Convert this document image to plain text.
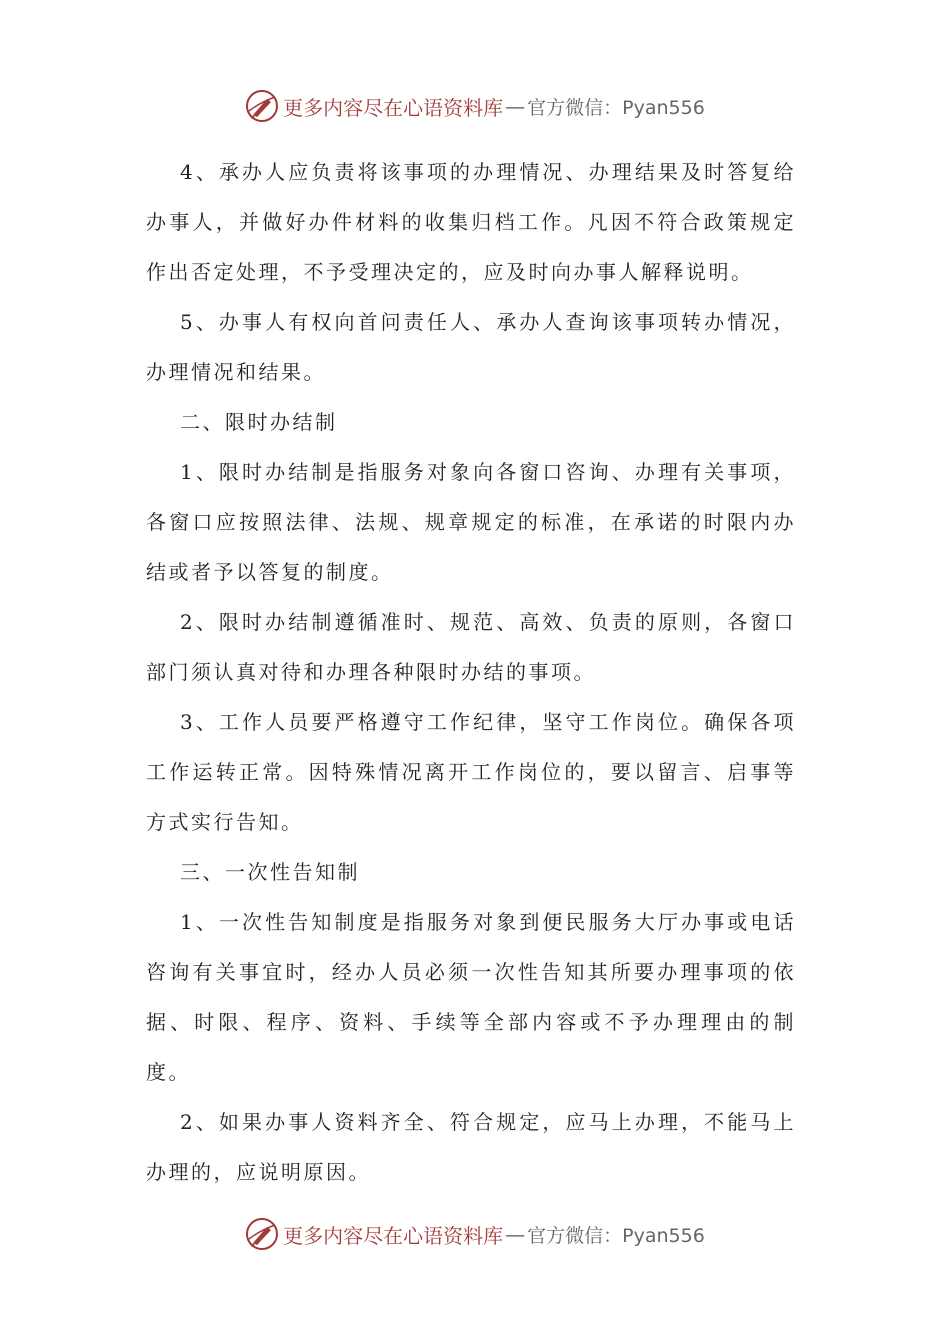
更多内容尽在心语资料库 — 官方微信：Pyan556

4、承办人应负责将该事项的办理情况、办理结果及时答复给办事人，并做好办件材料的收集归档工作。凡因不符合政策规定作出否定处理，不予受理决定的，应及时向办事人解释说明。

5、办事人有权向首问责任人、承办人查询该事项转办情况，办理情况和结果。

二、限时办结制

1、限时办结制是指服务对象向各窗口咨询、办理有关事项，各窗口应按照法律、法规、规章规定的标准，在承诺的时限内办结或者予以答复的制度。

2、限时办结制遵循准时、规范、高效、负责的原则，各窗口部门须认真对待和办理各种限时办结的事项。

3、工作人员要严格遵守工作纪律，坚守工作岗位。确保各项工作运转正常。因特殊情况离开工作岗位的，要以留言、启事等方式实行告知。

三、一次性告知制

1、一次性告知制度是指服务对象到便民服务大厅办事或电话咨询有关事宜时，经办人员必须一次性告知其所要办理事项的依据、时限、程序、资料、手续等全部内容或不予办理理由的制度。

2、如果办事人资料齐全、符合规定，应马上办理，不能马上办理的，应说明原因。

更多内容尽在心语资料库 — 官方微信：Pyan556
